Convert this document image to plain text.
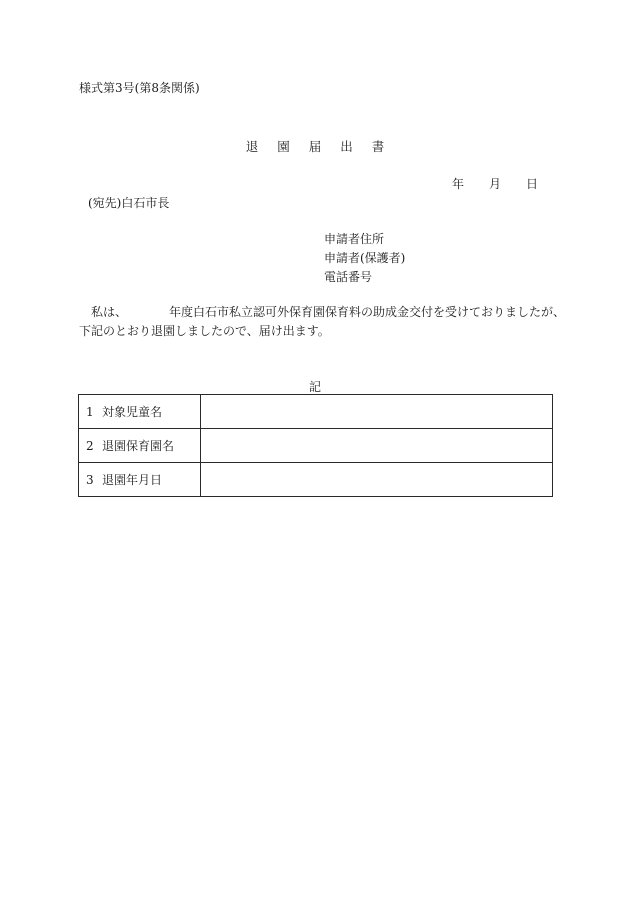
様式第3号(第8条関係)
退 園 届 出 書
年	月	日
(宛先)白石市長
申請者住所
申請者(保護者)
電話番号
私は、	年度白石市私立認可外保育園保育料の助成金交付を受けておりましたが、
下記のとおり退園しましたので、届け出ます。
記
1 対象児童名	
2 退園保育園名	
3 退園年月日	
